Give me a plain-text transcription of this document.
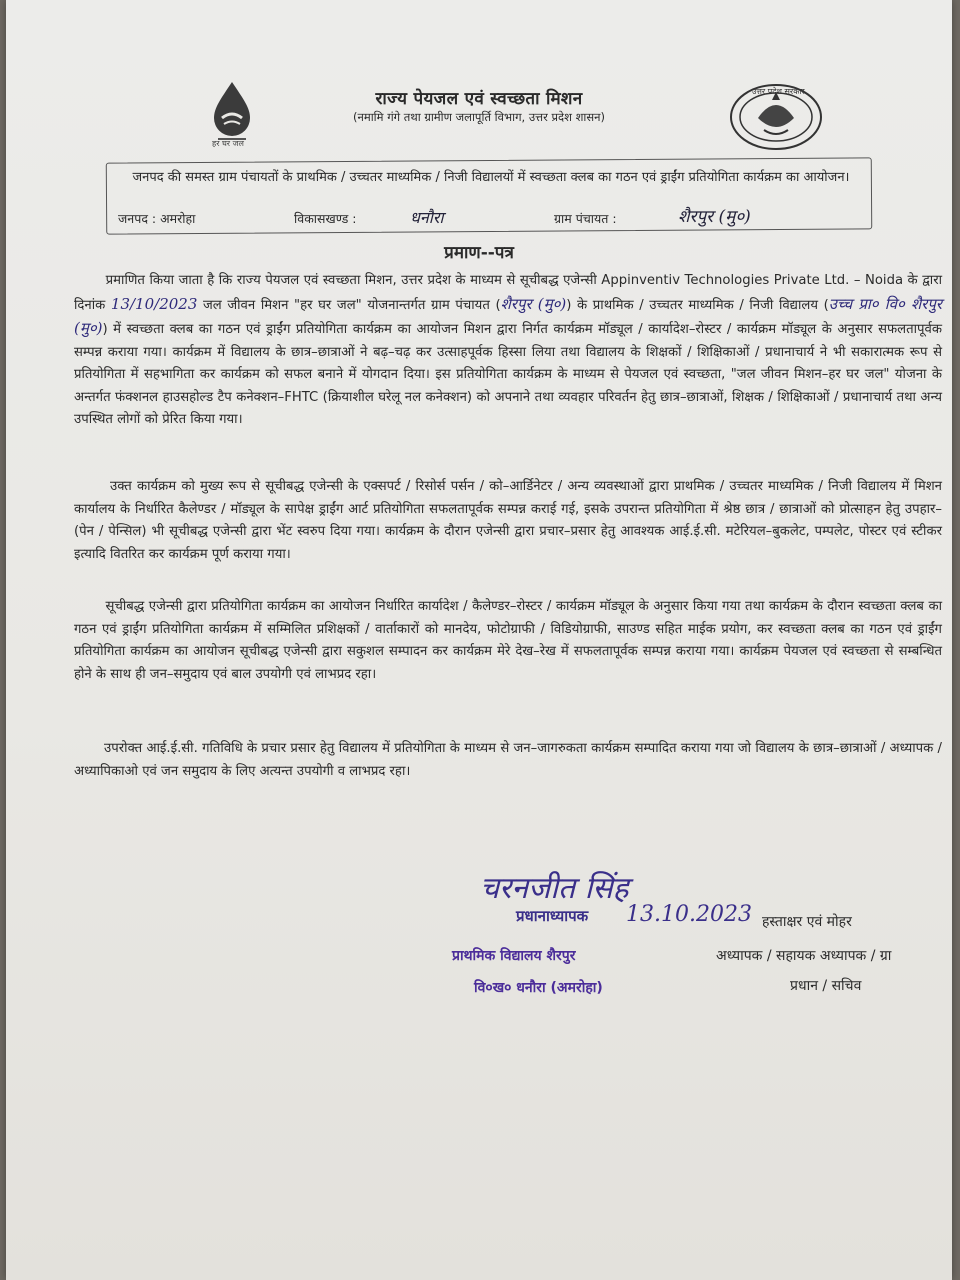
हर घर जल
उत्तर प्रदेश सरकार
राज्य पेयजल एवं स्वच्छता मिशन
(नमामि गंगे तथा ग्रामीण जलापूर्ति विभाग, उत्तर प्रदेश शासन)
जनपद की समस्त ग्राम पंचायतों के प्राथमिक / उच्चतर माध्यमिक / निजी विद्यालयों में स्वच्छता क्लब का गठन एवं ड्राईंग प्रतियोगिता कार्यक्रम का आयोजन।
जनपद : अमरोहा	विकासखण्ड :	धनौरा	ग्राम पंचायत :	शैरपुर (मु०)
प्रमाण--पत्र
प्रमाणित किया जाता है कि राज्य पेयजल एवं स्वच्छता मिशन, उत्तर प्रदेश के माध्यम से सूचीबद्ध एजेन्सी Appinventiv Technologies Private Ltd. – Noida के द्वारा दिनांक 13/10/2023 जल जीवन मिशन "हर घर जल" योजनान्तर्गत ग्राम पंचायत (शैरपुर (मु०)) के प्राथमिक / उच्चतर माध्यमिक / निजी विद्यालय (उच्च प्रा० वि० शैरपुर (मु०)) में स्वच्छता क्लब का गठन एवं ड्राईंग प्रतियोगिता कार्यक्रम का आयोजन मिशन द्वारा निर्गत कार्यक्रम मॉड्यूल / कार्यादेश–रोस्टर / कार्यक्रम मॉड्यूल के अनुसार सफलतापूर्वक सम्पन्न कराया गया। कार्यक्रम में विद्यालय के छात्र–छात्राओं ने बढ़–चढ़ कर उत्साहपूर्वक हिस्सा लिया तथा विद्यालय के शिक्षकों / शिक्षिकाओं / प्रधानाचार्य ने भी सकारात्मक रूप से प्रतियोगिता में सहभागिता कर कार्यक्रम को सफल बनाने में योगदान दिया। इस प्रतियोगिता कार्यक्रम के माध्यम से पेयजल एवं स्वच्छता, "जल जीवन मिशन–हर घर जल" योजना के अन्तर्गत फंक्शनल हाउसहोल्ड टैप कनेक्शन–FHTC (क्रियाशील घरेलू नल कनेक्शन) को अपनाने तथा व्यवहार परिवर्तन हेतु छात्र–छात्राओं, शिक्षक / शिक्षिकाओं / प्रधानाचार्य तथा अन्य उपस्थित लोगों को प्रेरित किया गया।
उक्त कार्यक्रम को मुख्य रूप से सूचीबद्ध एजेन्सी के एक्सपर्ट / रिसोर्स पर्सन / को–आर्डिनेटर / अन्य व्यवस्थाओं द्वारा प्राथमिक / उच्चतर माध्यमिक / निजी विद्यालय में मिशन कार्यालय के निर्धारित कैलेण्डर / मॉड्यूल के सापेक्ष ड्राईंग आर्ट प्रतियोगिता सफलतापूर्वक सम्पन्न कराई गई, इसके उपरान्त प्रतियोगिता में श्रेष्ठ छात्र / छात्राओं को प्रोत्साहन हेतु उपहार–(पेन / पेन्सिल) भी सूचीबद्ध एजेन्सी द्वारा भेंट स्वरुप दिया गया। कार्यक्रम के दौरान एजेन्सी द्वारा प्रचार–प्रसार हेतु आवश्यक आई.ई.सी. मटेरियल–बुकलेट, पम्पलेट, पोस्टर एवं स्टीकर इत्यादि वितरित कर कार्यक्रम पूर्ण कराया गया।
सूचीबद्ध एजेन्सी द्वारा प्रतियोगिता कार्यक्रम का आयोजन निर्धारित कार्यादेश / कैलेण्डर–रोस्टर / कार्यक्रम मॉड्यूल के अनुसार किया गया तथा कार्यक्रम के दौरान स्वच्छता क्लब का गठन एवं ड्राईंग प्रतियोगिता कार्यक्रम में सम्मिलित प्रशिक्षकों / वार्ताकारों को मानदेय, फोटोग्राफी / विडियोग्राफी, साउण्ड सहित माईक प्रयोग, कर स्वच्छता क्लब का गठन एवं ड्राईंग प्रतियोगिता कार्यक्रम का आयोजन सूचीबद्ध एजेन्सी द्वारा सकुशल सम्पादन कर कार्यक्रम मेरे देख–रेख में सफलतापूर्वक सम्पन्न कराया गया। कार्यक्रम पेयजल एवं स्वच्छता से सम्बन्धित होने के साथ ही जन–समुदाय एवं बाल उपयोगी एवं लाभप्रद रहा।
उपरोक्त आई.ई.सी. गतिविधि के प्रचार प्रसार हेतु विद्यालय में प्रतियोगिता के माध्यम से जन–जागरुकता कार्यक्रम सम्पादित कराया गया जो विद्यालय के छात्र–छात्राओं / अध्यापक / अध्यापिकाओ एवं जन समुदाय के लिए अत्यन्त उपयोगी व लाभप्रद रहा।
चरनजीत सिंह
प्रधानाध्यापक 13.10.2023 हस्ताक्षर एवं मोहर
प्राथमिक विद्यालय शैरपुर	अध्यापक / सहायक अध्यापक / ग्रा
वि०ख० धनौरा (अमरोहा)	प्रधान / सचिव
